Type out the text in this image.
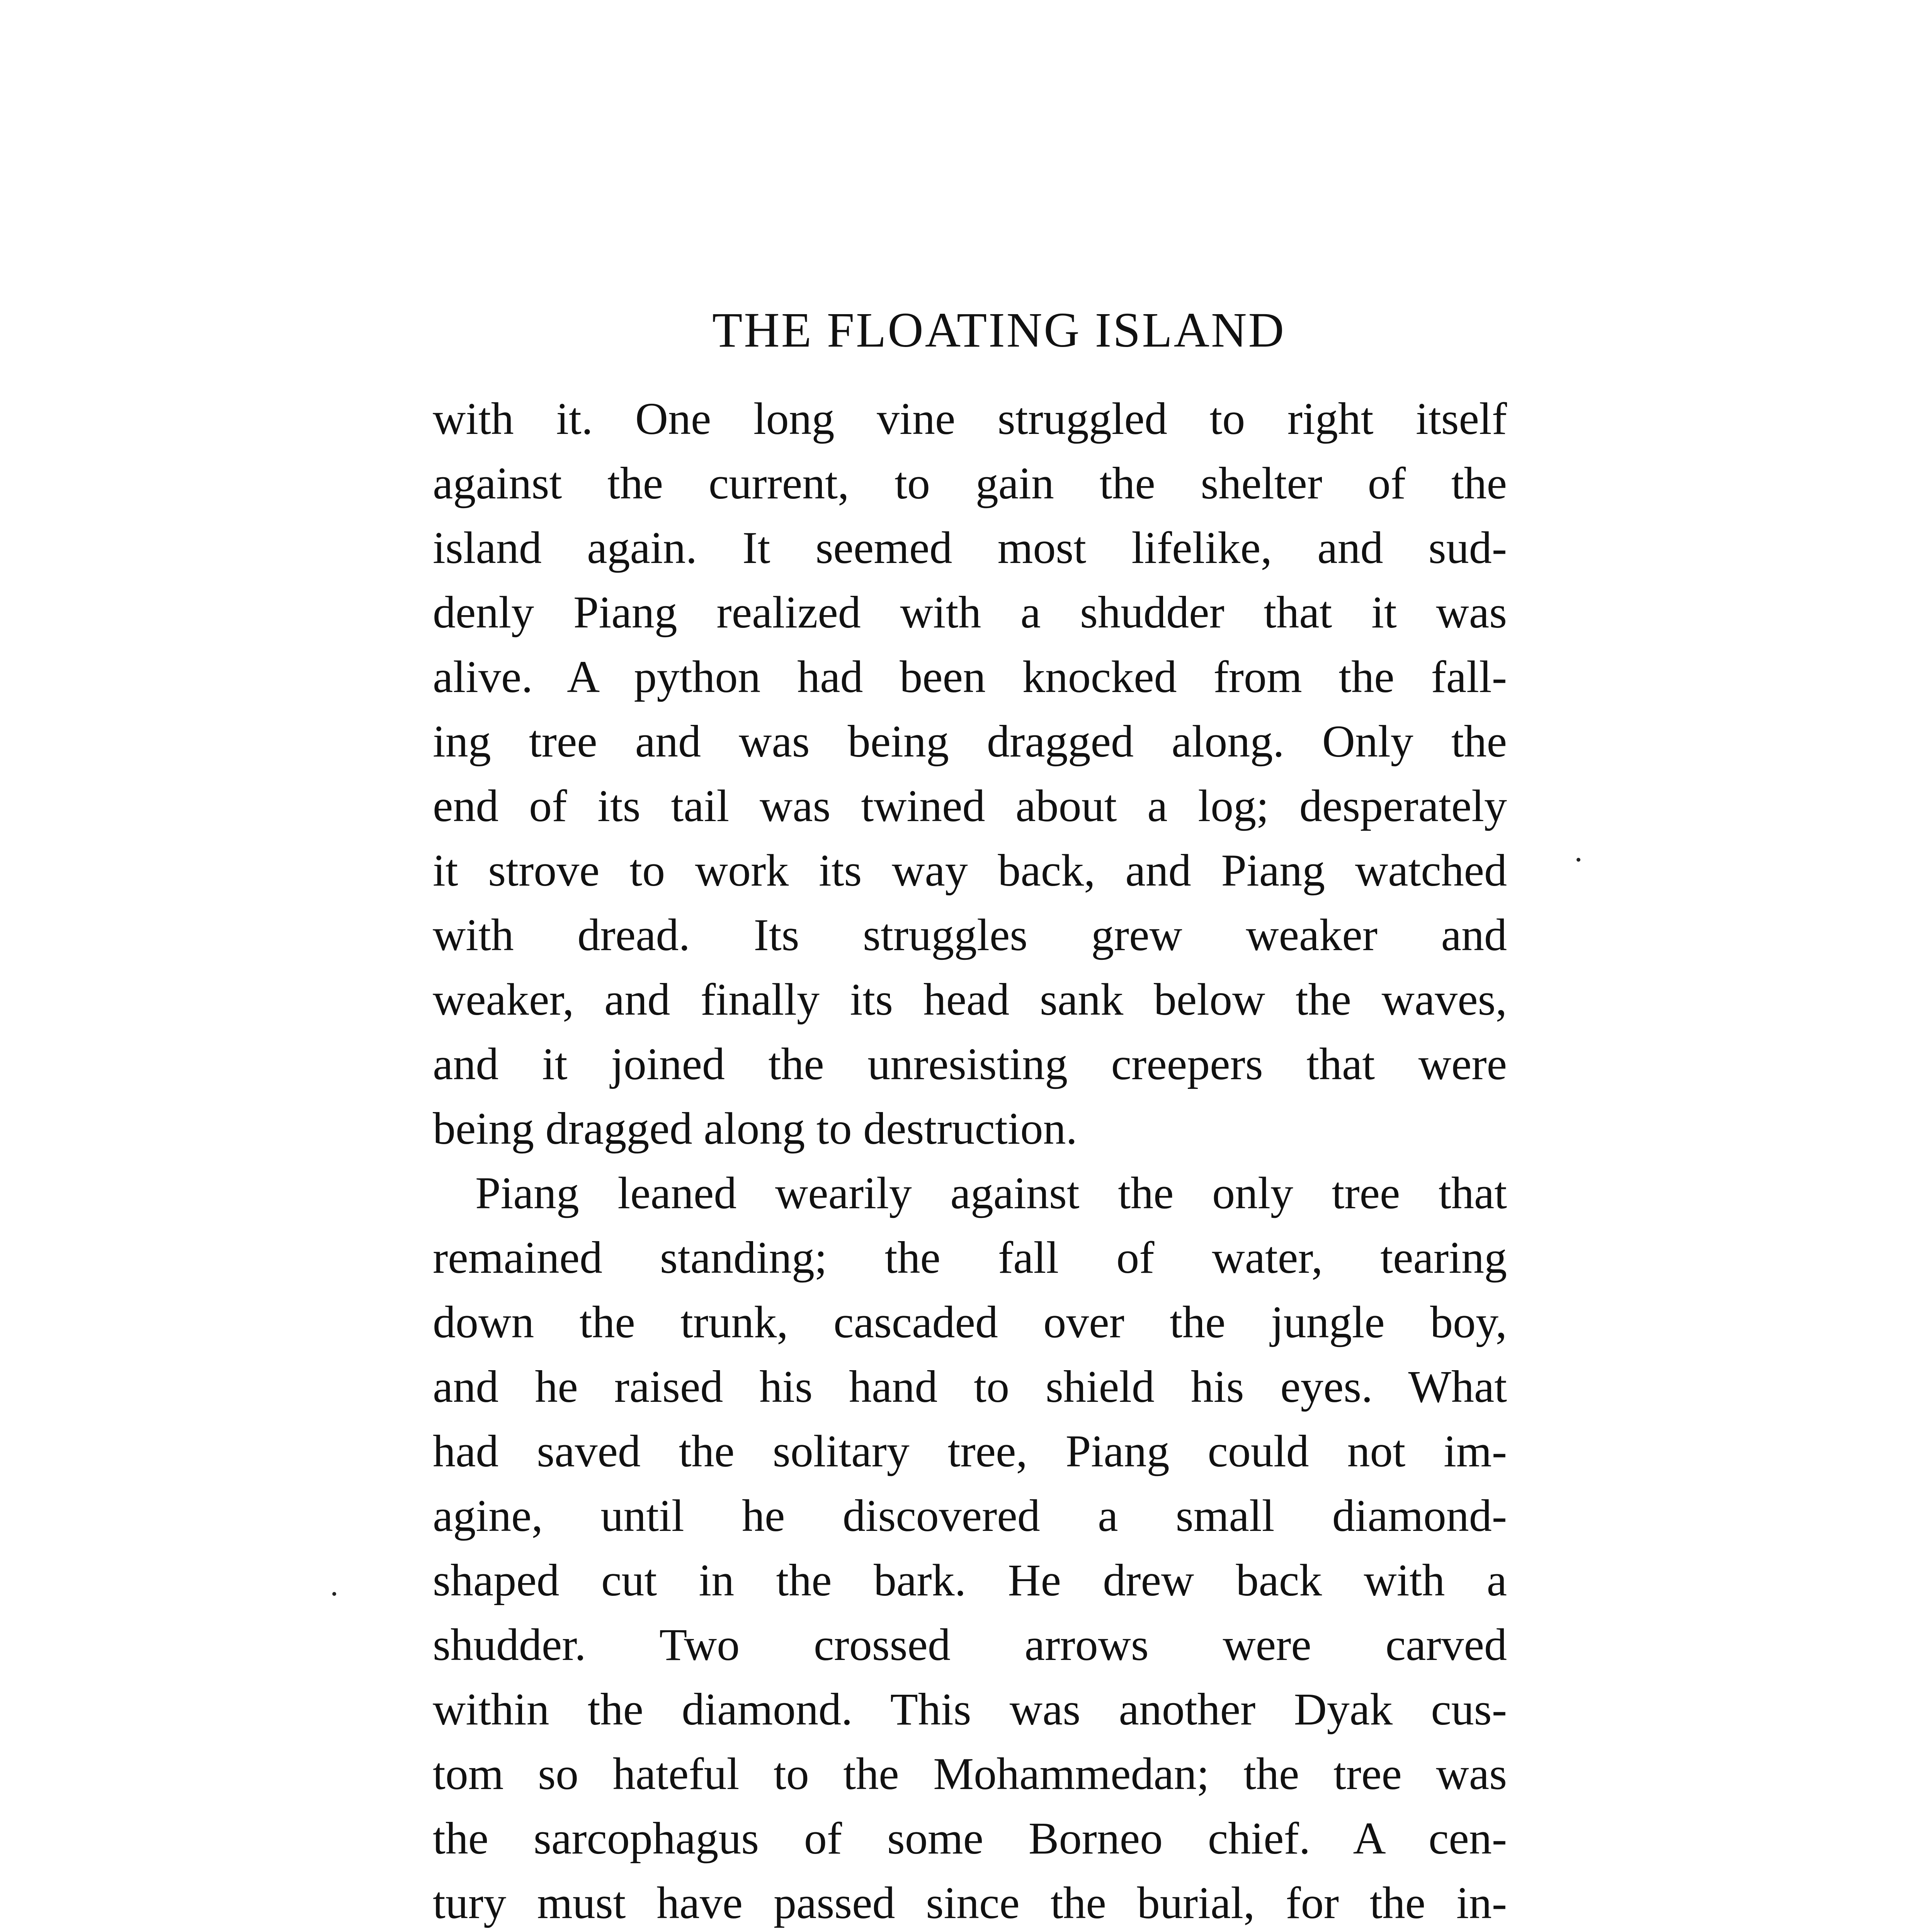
THE FLOATING ISLAND
with it. One long vine struggled to right itself
against the current, to gain the shelter of the
island again. It seemed most lifelike, and sud-
denly Piang realized with a shudder that it was
alive. A python had been knocked from the fall-
ing tree and was being dragged along. Only the
end of its tail was twined about a log; desperately
it strove to work its way back, and Piang watched
with dread. Its struggles grew weaker and
weaker, and finally its head sank below the waves,
and it joined the unresisting creepers that were
being dragged along to destruction.
Piang leaned wearily against the only tree that
remained standing; the fall of water, tearing
down the trunk, cascaded over the jungle boy,
and he raised his hand to shield his eyes. What
had saved the solitary tree, Piang could not im-
agine, until he discovered a small diamond-
shaped cut in the bark. He drew back with a
shudder. Two crossed arrows were carved
within the diamond. This was another Dyak cus-
tom so hateful to the Mohammedan; the tree was
the sarcophagus of some Borneo chief. A cen-
tury must have passed since the burial, for the in-
